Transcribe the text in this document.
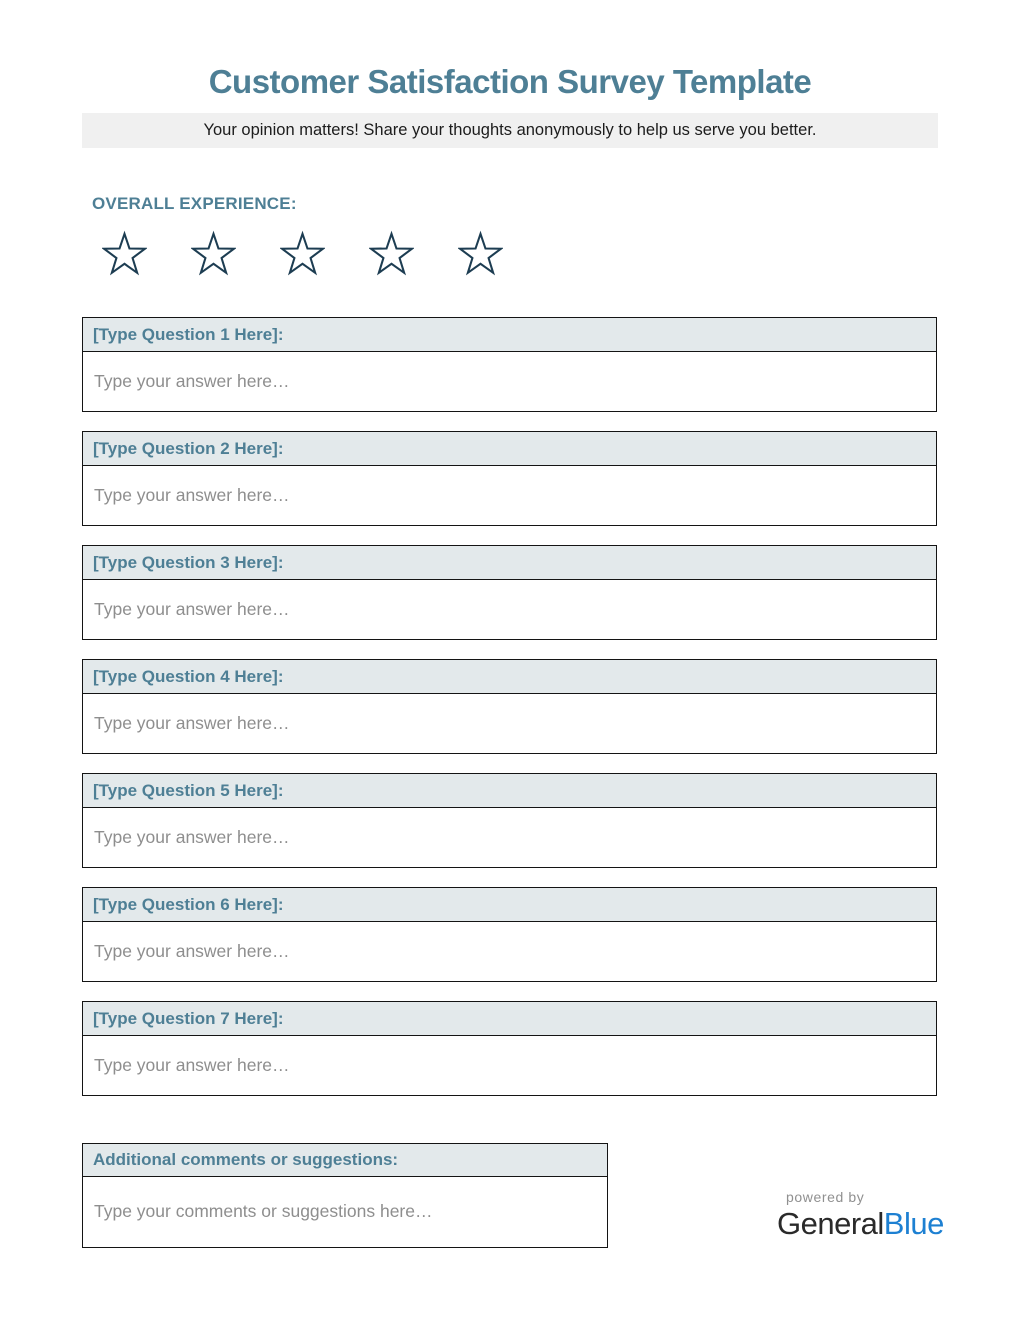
Customer Satisfaction Survey Template
Your opinion matters! Share your thoughts anonymously to help us serve you better.
OVERALL EXPERIENCE:
[Type Question 1 Here]:
Type your answer here…
[Type Question 2 Here]:
Type your answer here…
[Type Question 3 Here]:
Type your answer here…
[Type Question 4 Here]:
Type your answer here…
[Type Question 5 Here]:
Type your answer here…
[Type Question 6 Here]:
Type your answer here…
[Type Question 7 Here]:
Type your answer here…
Additional comments or suggestions:
Type your comments or suggestions here…
powered by
GeneralBlue
